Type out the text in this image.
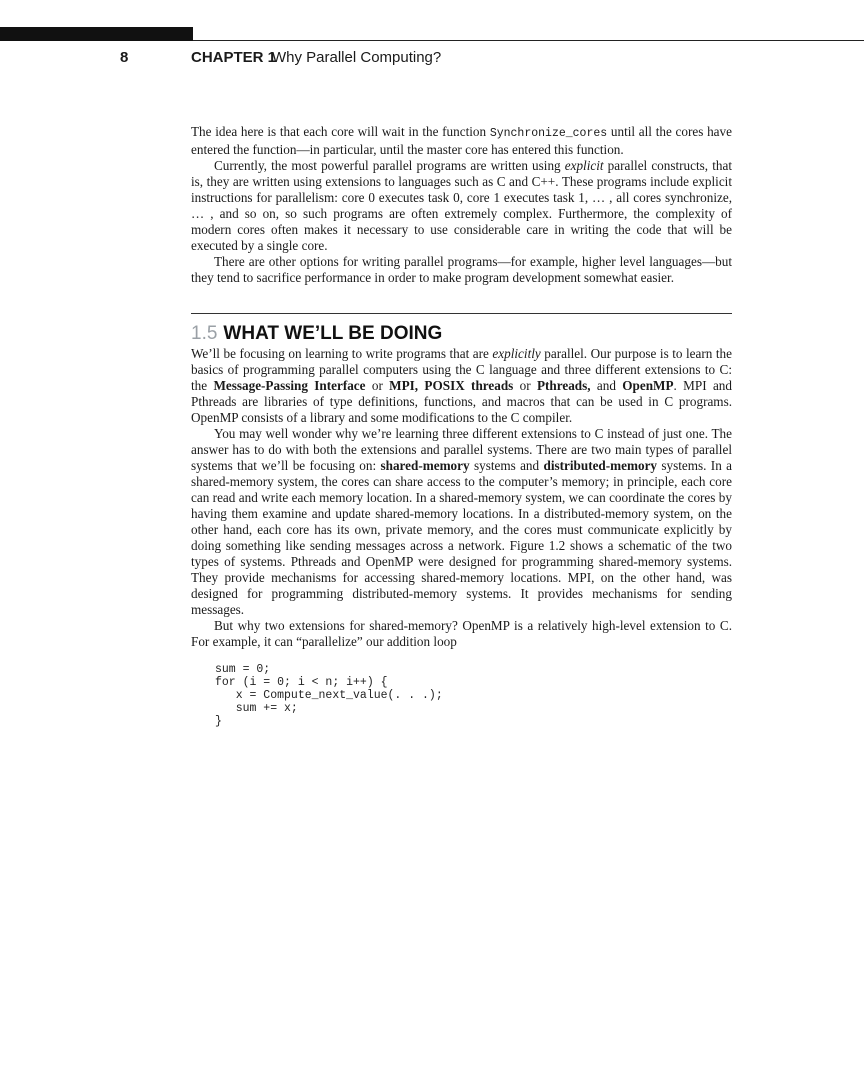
8	CHAPTER 1
Why Parallel Computing?

The idea here is that each core will wait in the function Synchronize_cores until all the cores have entered the function—in particular, until the master core has entered this function.

Currently, the most powerful parallel programs are written using explicit parallel constructs, that is, they are written using extensions to languages such as C and C++. These programs include explicit instructions for parallelism: core 0 executes task 0, core 1 executes task 1, … , all cores synchronize, … , and so on, so such programs are often extremely complex. Furthermore, the complexity of modern cores often makes it necessary to use considerable care in writing the code that will be executed by a single core.

There are other options for writing parallel programs—for example, higher level languages—but they tend to sacrifice performance in order to make program development somewhat easier.

1.5 WHAT WE’LL BE DOING

We’ll be focusing on learning to write programs that are explicitly parallel. Our purpose is to learn the basics of programming parallel computers using the C language and three different extensions to C: the Message-Passing Interface or MPI, POSIX threads or Pthreads, and OpenMP. MPI and Pthreads are libraries of type definitions, functions, and macros that can be used in C programs. OpenMP consists of a library and some modifications to the C compiler.

You may well wonder why we’re learning three different extensions to C instead of just one. The answer has to do with both the extensions and parallel systems. There are two main types of parallel systems that we’ll be focusing on: shared-memory systems and distributed-memory systems. In a shared-memory system, the cores can share access to the computer’s memory; in principle, each core can read and write each memory location. In a shared-memory system, we can coordinate the cores by having them examine and update shared-memory locations. In a distributed-memory system, on the other hand, each core has its own, private memory, and the cores must communicate explicitly by doing something like sending messages across a network. Figure 1.2 shows a schematic of the two types of systems. Pthreads and OpenMP were designed for programming shared-memory systems. They provide mechanisms for accessing shared-memory locations. MPI, on the other hand, was designed for programming distributed-memory systems. It provides mechanisms for sending messages.

But why two extensions for shared-memory? OpenMP is a relatively high-level extension to C. For example, it can “parallelize” our addition loop

sum = 0;
for (i = 0; i < n; i++) {
x = Compute_next_value(. . .);
sum += x;
}
